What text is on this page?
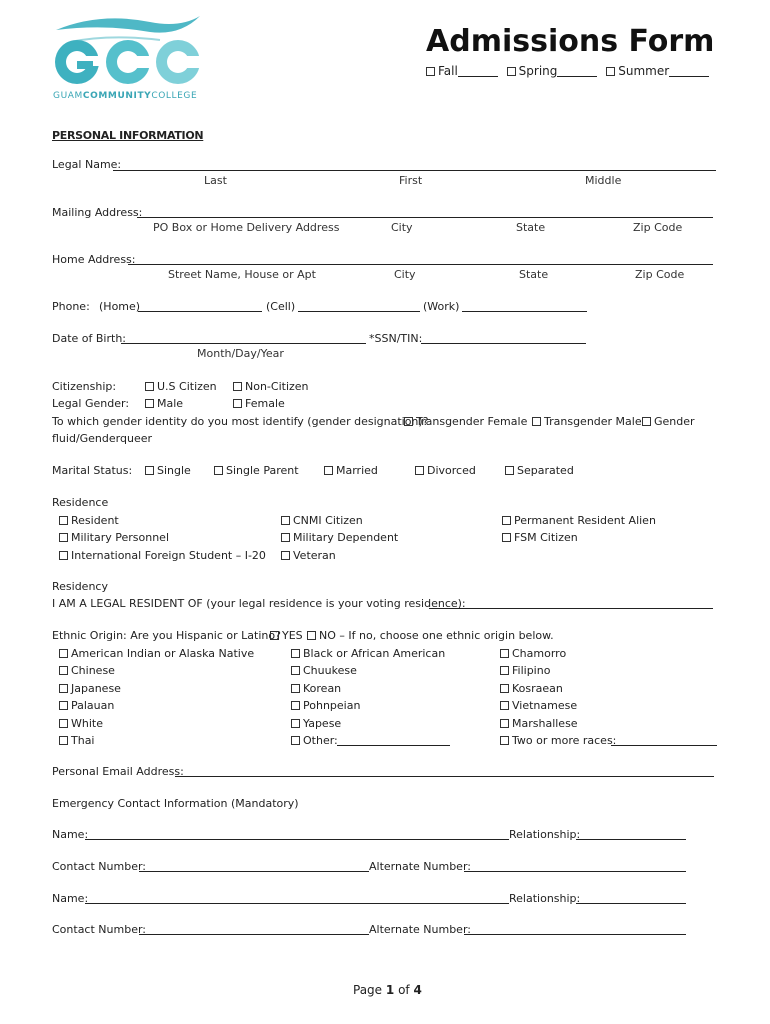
GUAMCOMMUNITYCOLLEGE
Admissions Form
Fall	Spring	Summer
PERSONAL INFORMATION
Legal Name:
Last	First	Middle
Mailing Address:
PO Box or Home Delivery Address	City	State	Zip Code
Home Address:
Street Name, House or Apt	City	State	Zip Code
Phone: (Home)	(Cell)	(Work)
Date of Birth:	*SSN/TIN:
Month/Day/Year
Citizenship:	U.S Citizen	Non-Citizen
Legal Gender:	Male	Female
To which gender identity do you most identify (gender designation)?
Transgender Female	Transgender Male	Gender
fluid/Genderqueer
Marital Status:	Single	Single Parent	Married	Divorced	Separated
Residence
Resident	CNMI Citizen	Permanent Resident Alien
Military Personnel	Military Dependent	FSM Citizen
International Foreign Student – I-20	Veteran
Residency
I AM A LEGAL RESIDENT OF (your legal residence is your voting residence):
Ethnic Origin: Are you Hispanic or Latino? YES	NO – If no, choose one ethnic origin below.
American Indian or Alaska Native	Black or African American	Chamorro
Chinese	Chuukese	Filipino
Japanese	Korean	Kosraean
Palauan	Pohnpeian	Vietnamese
White	Yapese	Marshallese
Thai	Other:	Two or more races:
Personal Email Address:
Emergency Contact Information (Mandatory)
Name:	Relationship:
Contact Number:	Alternate Number:
Name:	Relationship:
Contact Number:	Alternate Number:
Page 1 of 4
